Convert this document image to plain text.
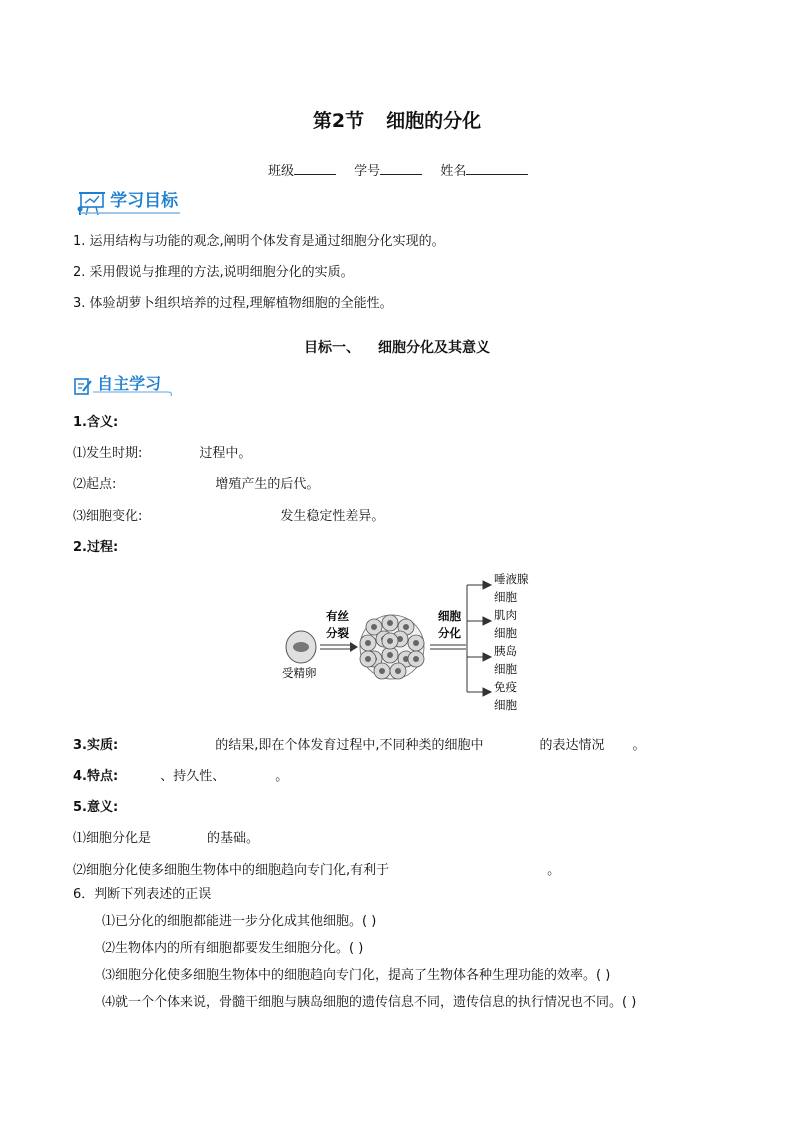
第2节 细胞的分化
班级	学号	姓名
学习目标
1. 运用结构与功能的观念,阐明个体发育是通过细胞分化实现的。
2. 采用假说与推理的方法,说明细胞分化的实质。
3. 体验胡萝卜组织培养的过程,理解植物细胞的全能性。
目标一、 细胞分化及其意义
自主学习
1.含义:
⑴发生时期:	过程中。
⑵起点:	增殖产生的后代。
⑶细胞变化:	发生稳定性差异。
2.过程:
受精卵
有丝
分裂
细胞
分化
唾液腺
细胞
肌肉
细胞
胰岛
细胞
免疫
细胞
3.实质:	的结果,即在个体发育过程中,不同种类的细胞中	的表达情况 。
4.特点:	、持久性、	。
5.意义:
⑴细胞分化是	的基础。
⑵细胞分化使多细胞生物体中的细胞趋向专门化,有利于	。
6．判断下列表述的正误
⑴已分化的细胞都能进一步分化成其他细胞。( )
⑵生物体内的所有细胞都要发生细胞分化。( )
⑶细胞分化使多细胞生物体中的细胞趋向专门化，提高了生物体各种生理功能的效率。( )
⑷就一个个体来说，骨髓干细胞与胰岛细胞的遗传信息不同，遗传信息的执行情况也不同。( )
